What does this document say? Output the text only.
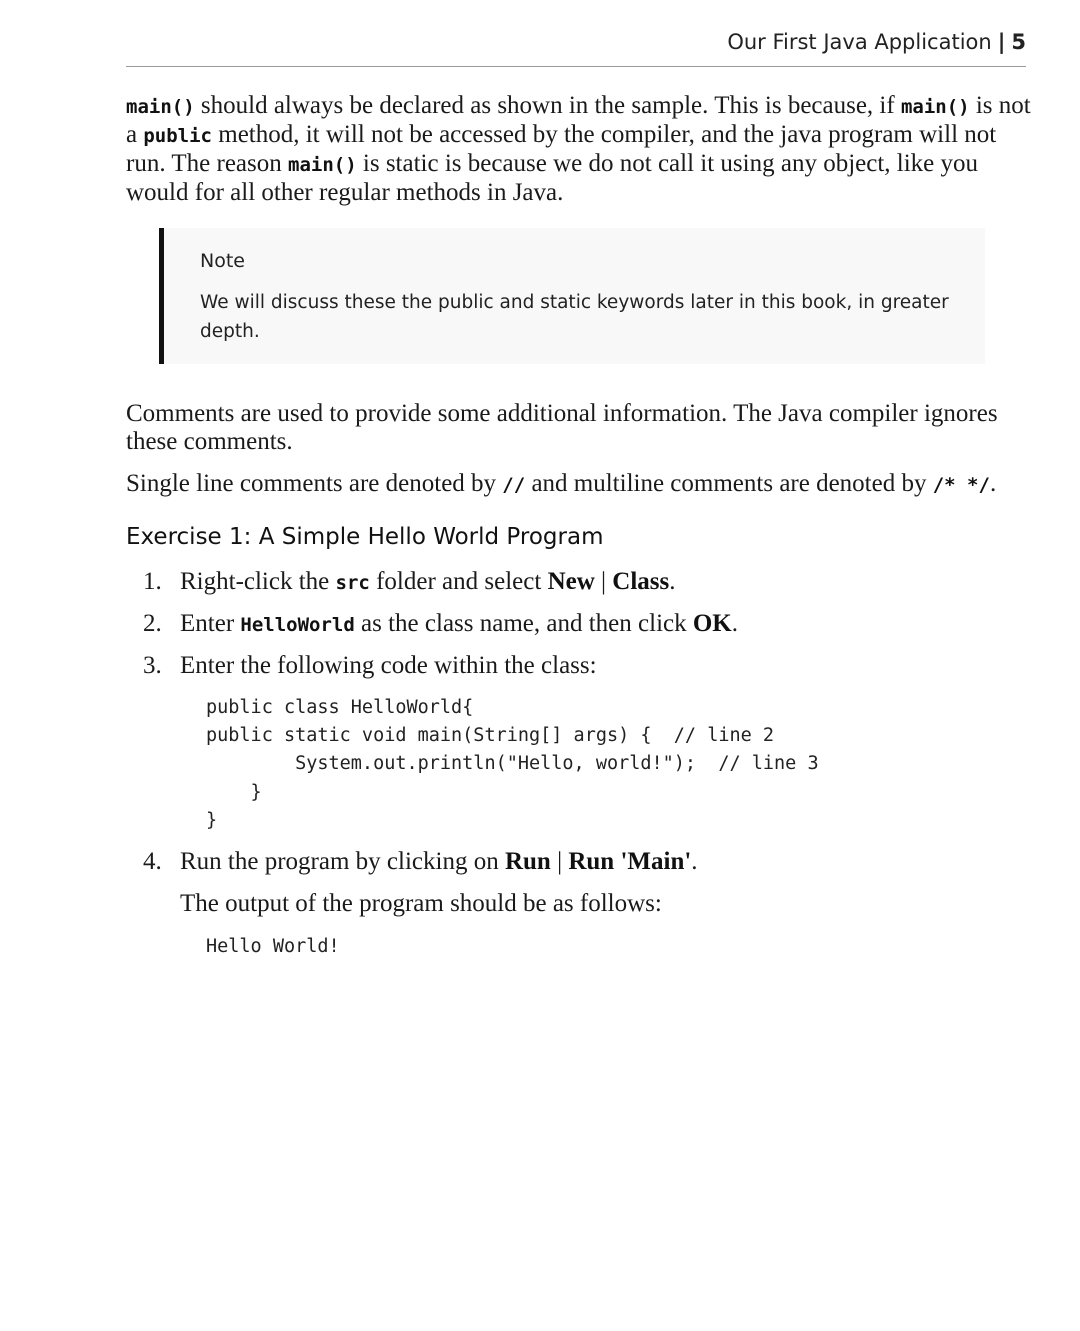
Our First Java Application | 5

main() should always be declared as shown in the sample. This is because, if main() is not a public method, it will not be accessed by the compiler, and the java program will not run. The reason main() is static is because we do not call it using any object, like you would for all other regular methods in Java.

Note
We will discuss these the public and static keywords later in this book, in greater depth.

Comments are used to provide some additional information. The Java compiler ignores these comments.

Single line comments are denoted by // and multiline comments are denoted by /* */.

Exercise 1: A Simple Hello World Program
1. Right-click the src folder and select New | Class.
2. Enter HelloWorld as the class name, and then click OK.
3. Enter the following code within the class:
public class HelloWorld{
public static void main(String[] args) {  // line 2
System.out.println("Hello, world!");  // line 3
}
}
4. Run the program by clicking on Run | Run 'Main'.

The output of the program should be as follows:

Hello World!
